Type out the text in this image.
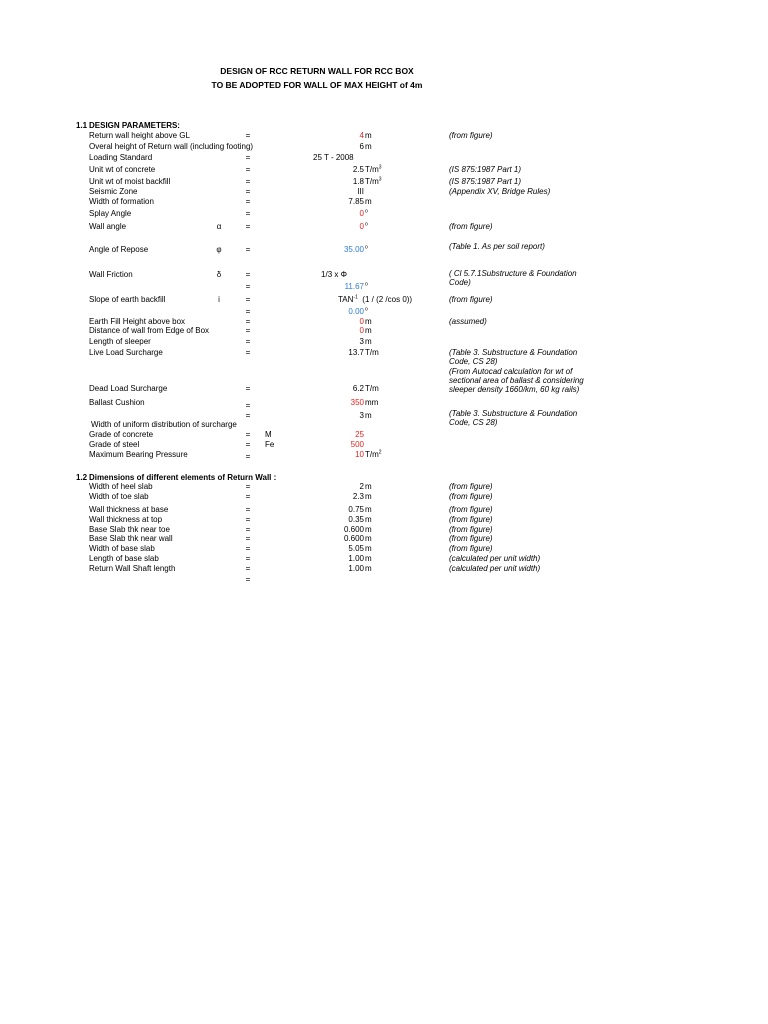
DESIGN OF RCC RETURN WALL FOR RCC BOX
TO BE ADOPTED FOR WALL OF MAX HEIGHT of 4m
1.1 DESIGN PARAMETERS:
Return wall height above GL	=	4 m	(from figure)
Overal height of Return wall (including footing)	6 m
Loading Standard	=	25 T - 2008
Unit wt of concrete	=	2.5 $T/m^3$	(IS 875:1987 Part 1)
Unit wt of moist backfill	=	1.8 $T/m^3$	(IS 875:1987 Part 1)
Seismic Zone	=	III	(Appendix XV, Bridge Rules)
Width of formation	=	7.85 m
Splay Angle	=	0 $^o$
Wall angle	α	=	0 $^o$	(from figure)
Angle of Repose	φ	=	35.00 $^o$	(Table 1. As per soil report)
Wall Friction	δ	=	1/3 x Φ	( Cl 5.7.1Substructure & Foundation Code)
=	11.67 $^o$
Slope of earth backfill	i	=	$TAN^{-1}$  (1 / (2 /cos 0))	(from figure)
=	0.00 $^o$
Earth Fill Height above box	=	0 m	(assumed)
Distance of wall from Edge of Box	=	0 m
Length of sleeper	=	3 m
Live Load Surcharge	=	13.7 T/m	(Table 3. Substructure & Foundation Code, CS 28)
(From Autocad calculation for wt of sectional area of ballast & considering sleeper density 1660/km, 60 kg rails)
Dead Load Surcharge	=	6.2 T/m
Ballast Cushion	=	350 mm
=	3 m	(Table 3. Substructure & Foundation Code, CS 28)
Width of uniform distribution of surcharge
Grade of concrete	=	M	25
Grade of steel	=	Fe	500
Maximum Bearing Pressure	=	10 $T/m^2$
1.2 Dimensions of different elements of Return Wall :
Width of heel slab	=	2 m	(from figure)
Width of toe slab	=	2.3 m	(from figure)
Wall thickness at base	=	0.75 m	(from figure)
Wall thickness at top	=	0.35 m	(from figure)
Base Slab thk near toe	=	0.600 m	(from figure)
Base Slab thk near wall	=	0.600 m	(from figure)
Width of base slab	=	5.05 m	(from figure)
Length of base slab	=	1.00 m	(calculated per unit width)
Return Wall Shaft length	=	1.00 m	(calculated per unit width)
=
